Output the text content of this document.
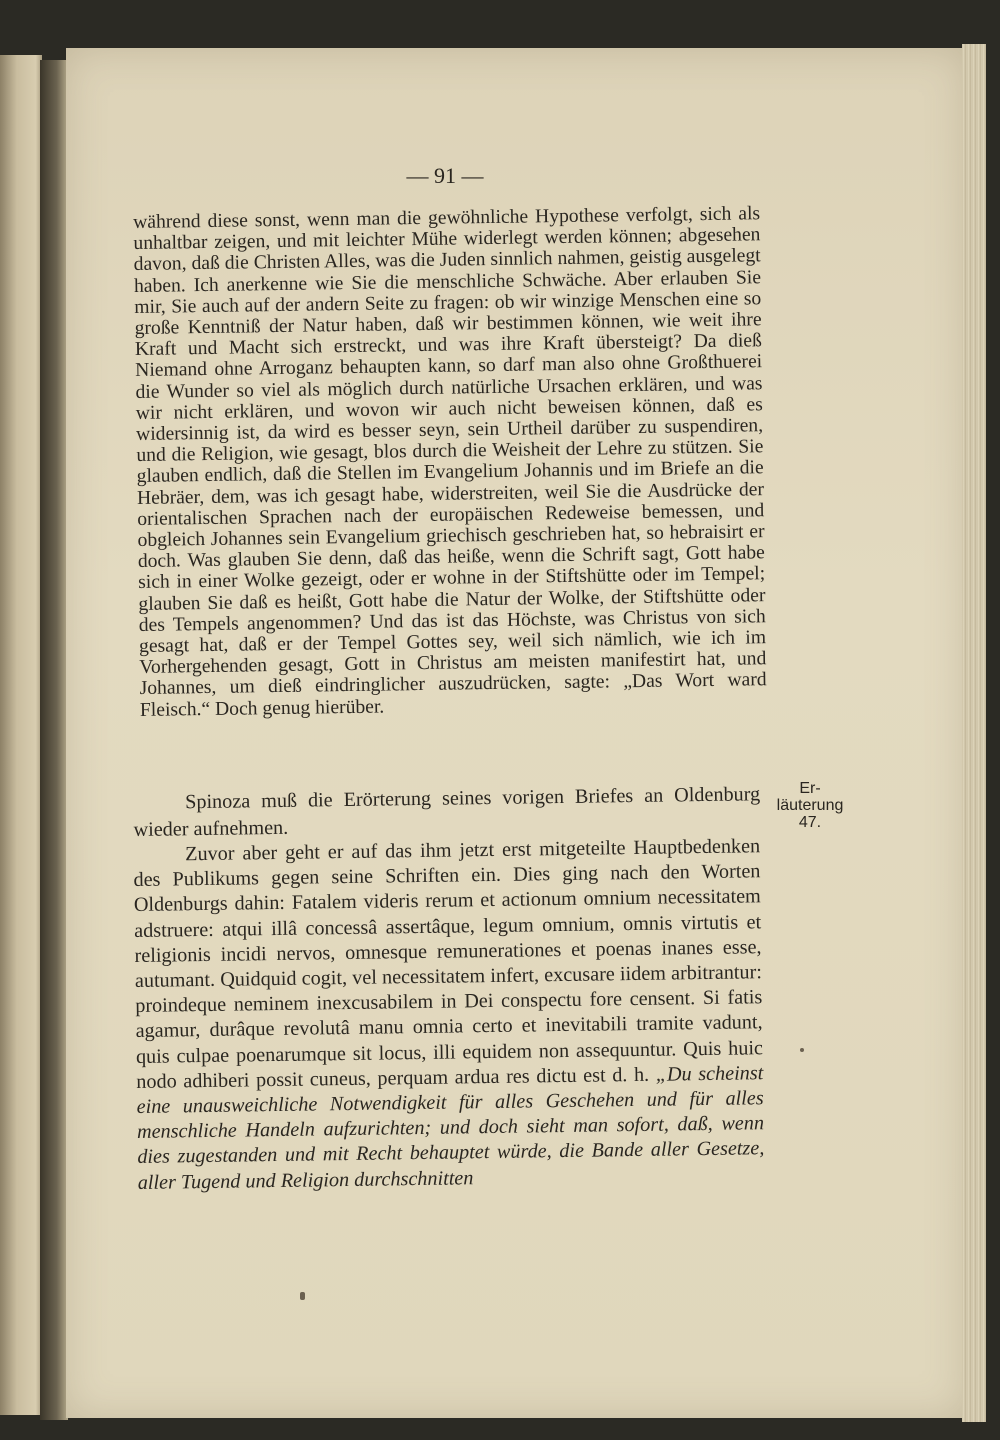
— 91 —
während diese sonst, wenn man die gewöhnliche Hypothese verfolgt, sich als unhaltbar zeigen, und mit leichter Mühe widerlegt werden können; abgesehen davon, daß die Christen Alles, was die Juden sinnlich nahmen, geistig ausgelegt haben. Ich anerkenne wie Sie die menschliche Schwäche. Aber erlauben Sie mir, Sie auch auf der andern Seite zu fragen: ob wir winzige Menschen eine so große Kenntniß der Natur haben, daß wir bestimmen können, wie weit ihre Kraft und Macht sich erstreckt, und was ihre Kraft übersteigt? Da dieß Niemand ohne Arroganz behaupten kann, so darf man also ohne Großthuerei die Wunder so viel als möglich durch natürliche Ursachen erklären, und was wir nicht erklären, und wovon wir auch nicht beweisen können, daß es widersinnig ist, da wird es besser seyn, sein Urtheil darüber zu suspendiren, und die Religion, wie gesagt, blos durch die Weisheit der Lehre zu stützen. Sie glauben endlich, daß die Stellen im Evangelium Johannis und im Briefe an die Hebräer, dem, was ich gesagt habe, widerstreiten, weil Sie die Ausdrücke der orientalischen Sprachen nach der europäischen Redeweise bemessen, und obgleich Johannes sein Evangelium griechisch geschrieben hat, so hebraisirt er doch. Was glauben Sie denn, daß das heiße, wenn die Schrift sagt, Gott habe sich in einer Wolke gezeigt, oder er wohne in der Stiftshütte oder im Tempel; glauben Sie daß es heißt, Gott habe die Natur der Wolke, der Stiftshütte oder des Tempels angenommen? Und das ist das Höchste, was Christus von sich gesagt hat, daß er der Tempel Gottes sey, weil sich nämlich, wie ich im Vorhergehenden gesagt, Gott in Christus am meisten manifestirt hat, und Johannes, um dieß eindringlicher auszudrücken, sagte: „Das Wort ward Fleisch.“ Doch genug hierüber.
Spinoza muß die Erörterung seines vorigen Briefes an Oldenburg wieder aufnehmen.
Zuvor aber geht er auf das ihm jetzt erst mitgeteilte Hauptbedenken des Publikums gegen seine Schriften ein. Dies ging nach den Worten Oldenburgs dahin: Fatalem videris rerum et actionum omnium necessitatem adstruere: atqui illâ concessâ assertâque, legum omnium, omnis virtutis et religionis incidi nervos, omnesque remunerationes et poenas inanes esse, autumant. Quidquid cogit, vel necessitatem infert, excusare iidem arbitrantur: proindeque neminem inexcusabilem in Dei conspectu fore censent. Si fatis agamur, durâque revolutâ manu omnia certo et inevitabili tramite vadunt, quis culpae poenarumque sit locus, illi equidem non assequuntur. Quis huic nodo adhiberi possit cuneus, perquam ardua res dictu est d. h. „Du scheinst eine unausweichliche Notwendigkeit für alles Geschehen und für alles menschliche Handeln aufzurichten; und doch sieht man sofort, daß, wenn dies zugestanden und mit Recht behauptet würde, die Bande aller Gesetze, aller Tugend und Religion durchschnitten
Er-
läuterung
47.
